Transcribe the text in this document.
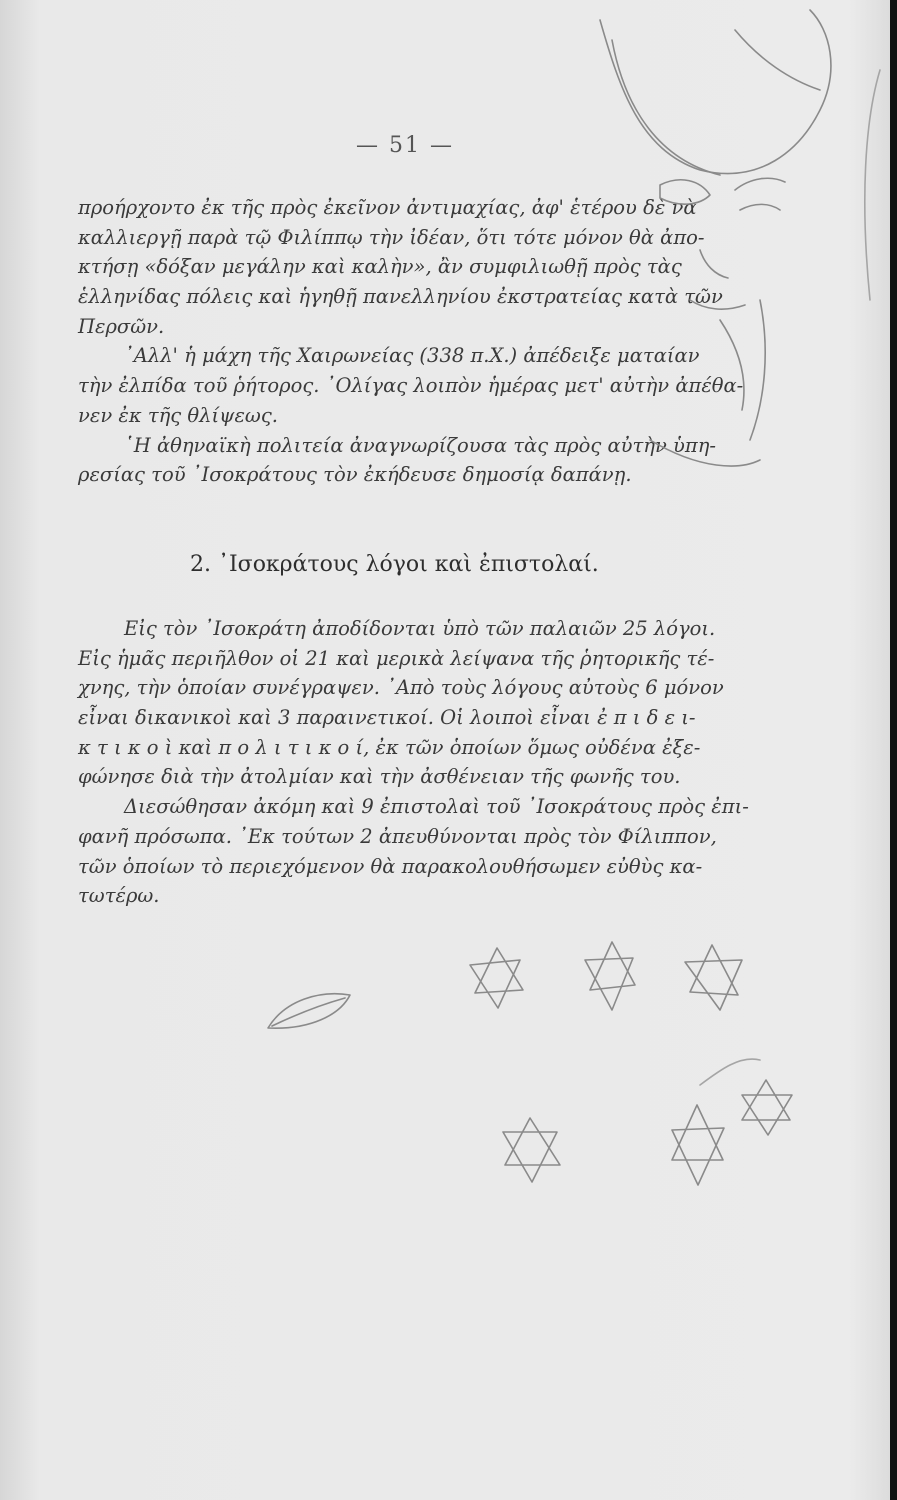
— 51 —
προήρχοντο ἐκ τῆς πρὸς ἐκεῖνον ἀντιμαχίας, ἀφ' ἑτέρου δὲ νὰ
καλλιεργῇ παρὰ τῷ Φιλίππῳ τὴν ἰδέαν, ὅτι τότε μόνον θὰ ἀπο-
κτήσῃ «δόξαν μεγάλην καὶ καλὴν», ἂν συμφιλιωθῇ πρὸς τὰς
ἑλληνίδας πόλεις καὶ ἡγηθῇ πανελληνίου ἐκστρατείας κατὰ τῶν
Περσῶν.
᾿Αλλ' ἡ μάχη τῆς Χαιρωνείας (338 π.Χ.) ἀπέδειξε ματαίαν
τὴν ἐλπίδα τοῦ ῥήτορος. ᾿Ολίγας λοιπὸν ἡμέρας μετ' αὐτὴν ἀπέθα-
νεν ἐκ τῆς θλίψεως.
῾Η ἀθηναϊκὴ πολιτεία ἀναγνωρίζουσα τὰς πρὸς αὐτὴν ὑπη-
ρεσίας τοῦ ᾿Ισοκράτους τὸν ἐκήδευσε δημοσίᾳ δαπάνῃ.
2. ᾿Ισοκράτους λόγοι καὶ ἐπιστολαί.
Εἰς τὸν ᾿Ισοκράτη ἀποδίδονται ὑπὸ τῶν παλαιῶν 25 λόγοι.
Εἰς ἡμᾶς περιῆλθον οἱ 21 καὶ μερικὰ λείψανα τῆς ῥητορικῆς τέ-
χνης, τὴν ὁποίαν συνέγραψεν. ᾿Απὸ τοὺς λόγους αὐτοὺς 6 μόνον
εἶναι δικανικοὶ καὶ 3 παραινετικοί. Οἱ λοιποὶ εἶναι ἐ π ι δ ε ι-
κ τ ι κ ο ὶ καὶ π ο λ ι τ ι κ ο ί, ἐκ τῶν ὁποίων ὅμως οὐδένα ἐξε-
φώνησε διὰ τὴν ἀτολμίαν καὶ τὴν ἀσθένειαν τῆς φωνῆς του.
Διεσώθησαν ἀκόμη καὶ 9 ἐπιστολαὶ τοῦ ᾿Ισοκράτους πρὸς ἐπι-
φανῆ πρόσωπα. ᾿Εκ τούτων 2 ἀπευθύνονται πρὸς τὸν Φίλιππον,
τῶν ὁποίων τὸ περιεχόμενον θὰ παρακολουθήσωμεν εὐθὺς κα-
τωτέρω.
